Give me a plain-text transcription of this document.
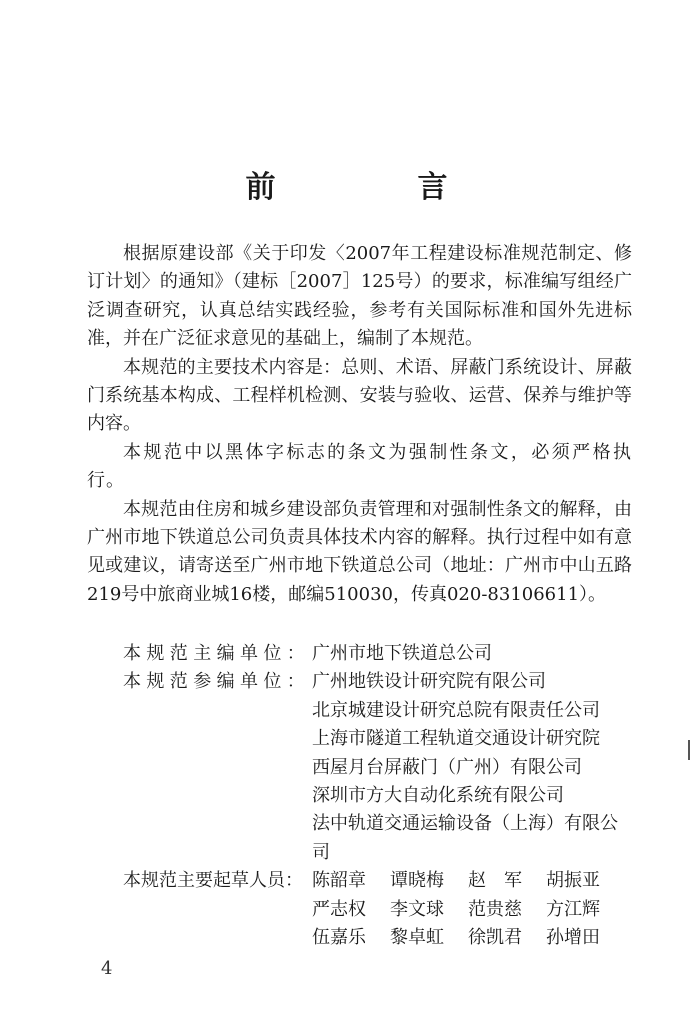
前　言

根据原建设部《关于印发〈2007年工程建设标准规范制定、修订计划〉的通知》（建标［2007］125号）的要求，标准编写组经广泛调查研究，认真总结实践经验，参考有关国际标准和国外先进标准，并在广泛征求意见的基础上，编制了本规范。

本规范的主要技术内容是：总则、术语、屏蔽门系统设计、屏蔽门系统基本构成、工程样机检测、安装与验收、运营、保养与维护等内容。

本规范中以黑体字标志的条文为强制性条文，必须严格执行。

本规范由住房和城乡建设部负责管理和对强制性条文的解释，由广州市地下铁道总公司负责具体技术内容的解释。执行过程中如有意见或建议，请寄送至广州市地下铁道总公司（地址：广州市中山五路219号中旅商业城16楼，邮编510030，传真020-83106611）。

本规范主编单位： 广州市地下铁道总公司
本规范参编单位： 广州地铁设计研究院有限公司
北京城建设计研究总院有限责任公司
上海市隧道工程轨道交通设计研究院
西屋月台屏蔽门（广州）有限公司
深圳市方大自动化系统有限公司
法中轨道交通运输设备（上海）有限公司
本规范主要起草人员： 陈韶章	谭晓梅	赵　军	胡振亚
严志权	李文球	范贵慈	方江辉
伍嘉乐	黎卓虹	徐凯君	孙增田
4
